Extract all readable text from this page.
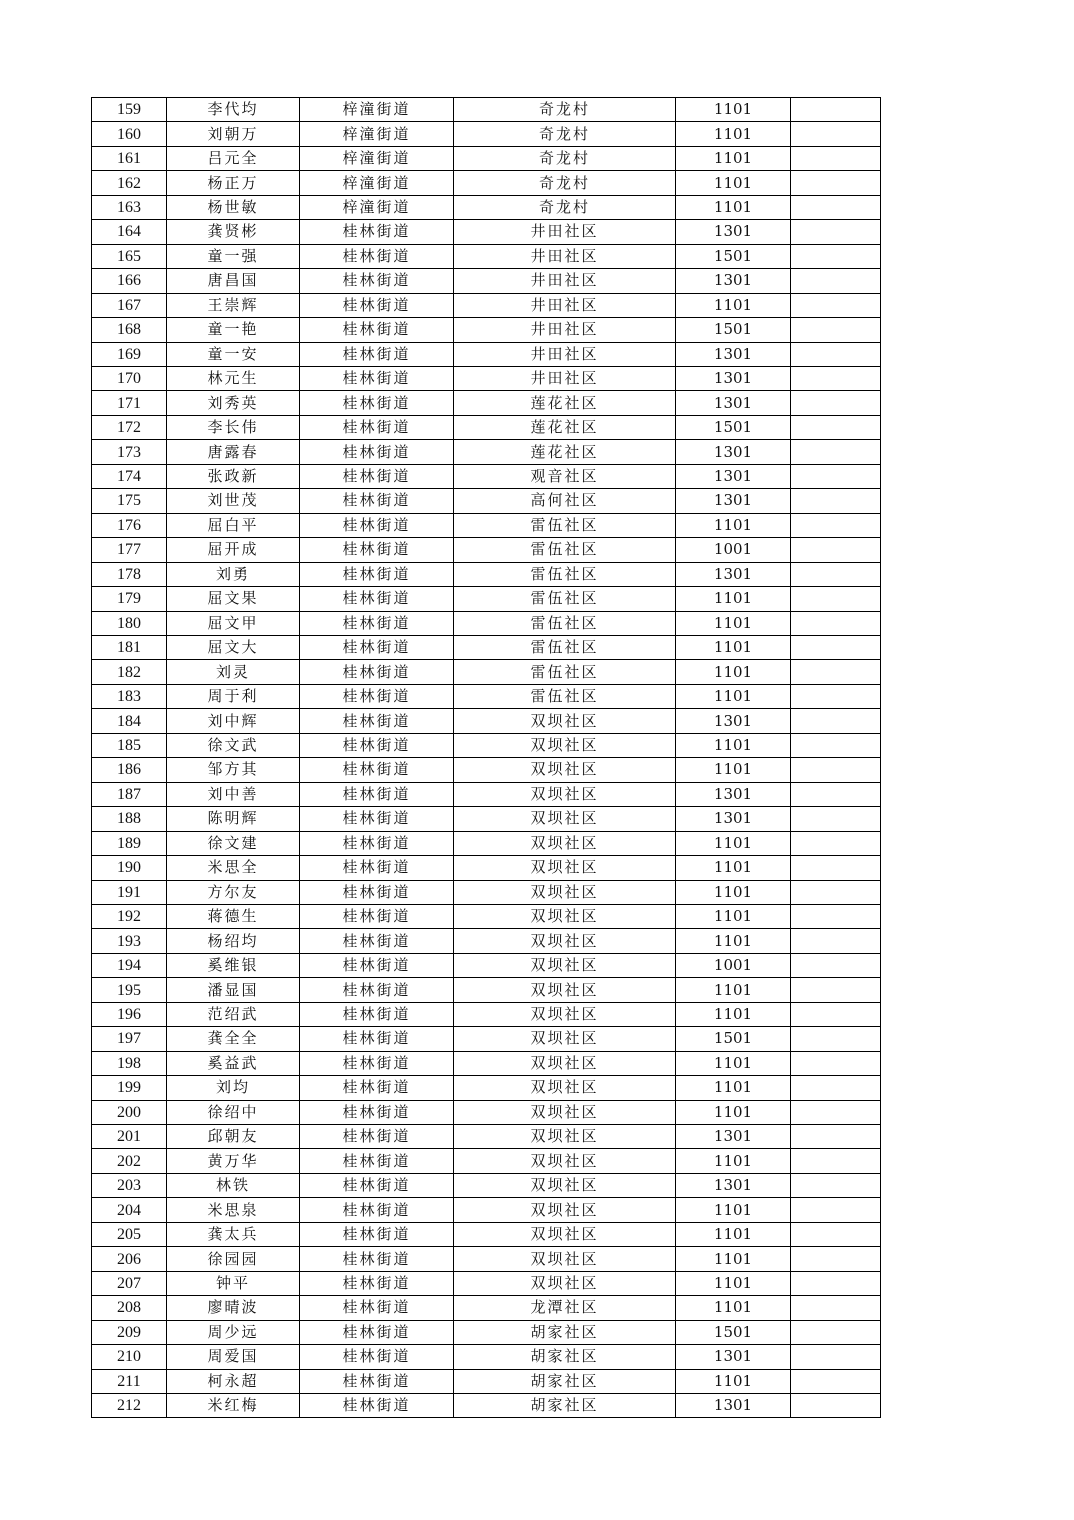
159	李代均	梓潼街道	奇龙村	1101	
160	刘朝万	梓潼街道	奇龙村	1101	
161	吕元全	梓潼街道	奇龙村	1101	
162	杨正万	梓潼街道	奇龙村	1101	
163	杨世敏	梓潼街道	奇龙村	1101	
164	龚贤彬	桂林街道	井田社区	1301	
165	童一强	桂林街道	井田社区	1501	
166	唐昌国	桂林街道	井田社区	1301	
167	王崇辉	桂林街道	井田社区	1101	
168	童一艳	桂林街道	井田社区	1501	
169	童一安	桂林街道	井田社区	1301	
170	林元生	桂林街道	井田社区	1301	
171	刘秀英	桂林街道	莲花社区	1301	
172	李长伟	桂林街道	莲花社区	1501	
173	唐露春	桂林街道	莲花社区	1301	
174	张政新	桂林街道	观音社区	1301	
175	刘世茂	桂林街道	高何社区	1301	
176	屈白平	桂林街道	雷伍社区	1101	
177	屈开成	桂林街道	雷伍社区	1001	
178	刘勇	桂林街道	雷伍社区	1301	
179	屈文果	桂林街道	雷伍社区	1101	
180	屈文甲	桂林街道	雷伍社区	1101	
181	屈文大	桂林街道	雷伍社区	1101	
182	刘灵	桂林街道	雷伍社区	1101	
183	周于利	桂林街道	雷伍社区	1101	
184	刘中辉	桂林街道	双坝社区	1301	
185	徐文武	桂林街道	双坝社区	1101	
186	邹方其	桂林街道	双坝社区	1101	
187	刘中善	桂林街道	双坝社区	1301	
188	陈明辉	桂林街道	双坝社区	1301	
189	徐文建	桂林街道	双坝社区	1101	
190	米思全	桂林街道	双坝社区	1101	
191	方尔友	桂林街道	双坝社区	1101	
192	蒋德生	桂林街道	双坝社区	1101	
193	杨绍均	桂林街道	双坝社区	1101	
194	奚维银	桂林街道	双坝社区	1001	
195	潘显国	桂林街道	双坝社区	1101	
196	范绍武	桂林街道	双坝社区	1101	
197	龚全全	桂林街道	双坝社区	1501	
198	奚益武	桂林街道	双坝社区	1101	
199	刘均	桂林街道	双坝社区	1101	
200	徐绍中	桂林街道	双坝社区	1101	
201	邱朝友	桂林街道	双坝社区	1301	
202	黄万华	桂林街道	双坝社区	1101	
203	林铁	桂林街道	双坝社区	1301	
204	米思泉	桂林街道	双坝社区	1101	
205	龚太兵	桂林街道	双坝社区	1101	
206	徐园园	桂林街道	双坝社区	1101	
207	钟平	桂林街道	双坝社区	1101	
208	廖晴波	桂林街道	龙潭社区	1101	
209	周少远	桂林街道	胡家社区	1501	
210	周爱国	桂林街道	胡家社区	1301	
211	柯永超	桂林街道	胡家社区	1101	
212	米红梅	桂林街道	胡家社区	1301	
